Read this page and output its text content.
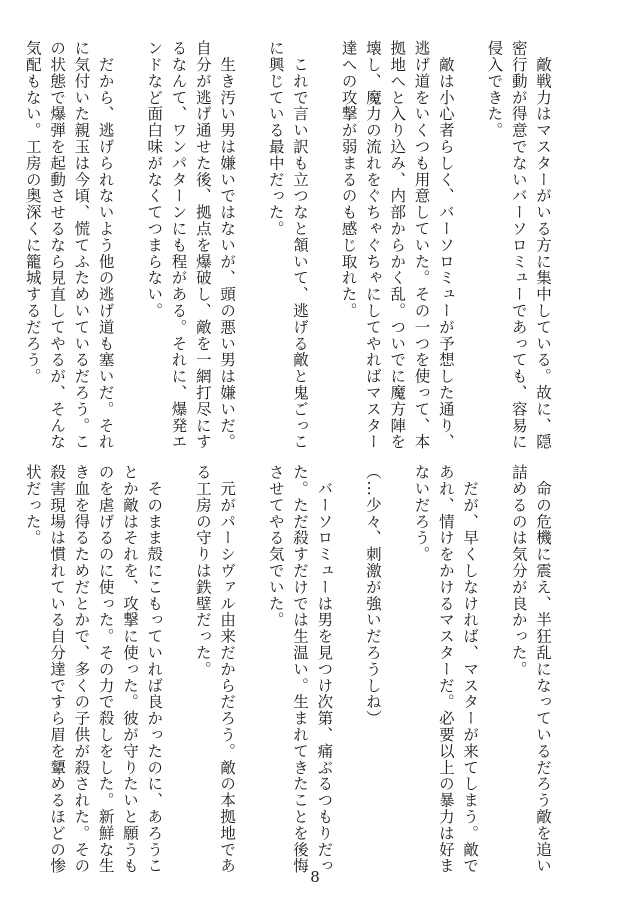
　敵戦力はマスターがいる方に集中している。故に、隠
密行動が得意でないバーソロミューであっても、容易に
侵入できた。

　敵は小心者らしく、バーソロミューが予想した通り、
逃げ道をいくつも用意していた。その一つを使って、本
拠地へと入り込み、内部からかく乱。ついでに魔方陣を
壊し、魔力の流れをぐちゃぐちゃにしてやればマスター
達への攻撃が弱まるのも感じ取れた。

　これで言い訳も立つなと頷いて、逃げる敵と鬼ごっこ
に興じている最中だった。

　生き汚い男は嫌いではないが、頭の悪い男は嫌いだ。
自分が逃げ通せた後、拠点を爆破し、敵を一網打尽にす
るなんて、ワンパターンにも程がある。それに、爆発エ
ンドなど面白味がなくてつまらない。

　だから、逃げられないよう他の逃げ道も塞いだ。それ
に気付いた親玉は今頃、慌てふためいているだろう。こ
の状態で爆弾を起動させるなら見直してやるが、そんな
気配もない。工房の奥深くに籠城するだろう。

　命の危機に震え、半狂乱になっているだろう敵を追い
詰めるのは気分が良かった。

　だが、早くしなければ、マスターが来てしまう。敵で
あれ、情けをかけるマスターだ。必要以上の暴力は好ま
ないだろう。

（…少々、刺激が強いだろうしね）

　バーソロミューは男を見つけ次第、痛ぶるつもりだっ
た。ただ殺すだけでは生温い。生まれてきたことを後悔
させてやる気でいた。

　元がパーシヴァル由来だからだろう。敵の本拠地であ
る工房の守りは鉄壁だった。

　そのまま殻にこもっていれば良かったのに、あろうこ
とか敵はそれを、攻撃に使った。彼が守りたいと願うも
のを虐げるのに使った。その力で殺しをした。新鮮な生
き血を得るためだとかで、多くの子供が殺された。その
殺害現場は慣れている自分達ですら眉を顰めるほどの惨
状だった。

8
